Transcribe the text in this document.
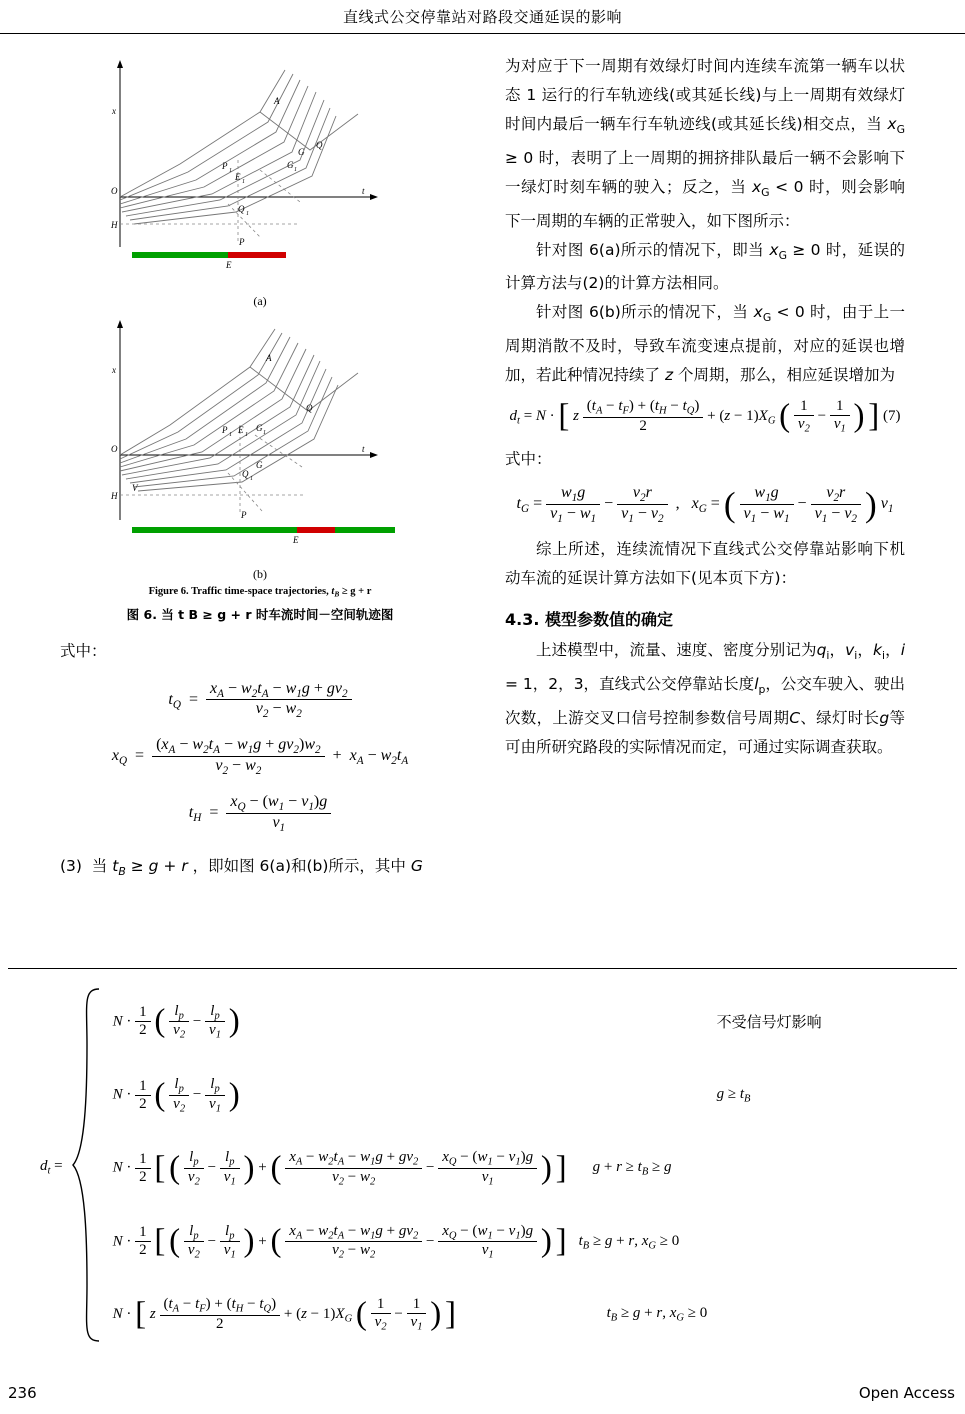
直线式公交停靠站对路段交通延误的影响
x
A
O
H
t
P 1
E 1
Q 1
P
G
Q
G 1
E
(a)
x
A
O
H
t
P 1 E 1
G 1
Q 1
P
G
Q
V
E
(b)
Figure 6. Traffic time-space trajectories, $t_B \ge g + r$
图 6. 当 t B ≥ g + r 时车流时间－空间轨迹图
式中：
$t_Q = \frac{x_A - w_2t_A - w_1g + gv_2}{v_2 - w_2}$
$x_Q = \frac{(x_A - w_2t_A - w_1g + gv_2)w_2}{v_2 - w_2} + x_A - w_2t_A$
$t_H = \frac{x_Q - (w_1 - v_1)g}{v_1}$
(3)  当 $t_B \ge g + r$ ，即如图 6(a)和(b)所示，其中 G
为对应于下一周期有效绿灯时间内连续车流第一辆车以状态 1 运行的行车轨迹线(或其延长线)与上一周期有效绿灯时间内最后一辆车行车轨迹线(或其延长线)相交点，当 $x_G \ge 0$ 时，表明了上一周期的拥挤排队最后一辆不会影响下一绿灯时刻车辆的驶入；反之，当 $x_G < 0$ 时，则会影响下一周期的车辆的正常驶入，如下图所示：
针对图 6(a)所示的情况下，即当 $x_G \ge 0$ 时，延误的计算方法与(2)的计算方法相同。
针对图 6(b)所示的情况下，当 $x_G < 0$ 时，由于上一周期消散不及时，导致车流变速点提前，对应的延误也增加，若此种情况持续了 z 个周期，那么，相应延误增加为
$d_t = N$ · [ z $\frac{(t_A - t_F) + (t_H - t_Q)}{2} + (z - 1)X_G$ ( $\frac{1}{v_2} - \frac{1}{v_1}$ ) ] (7)
式中：
$t_G = \frac{w_1g}{v_1 - w_1} - \frac{v_2r}{v_1 - v_2}$ ,   $x_G$ = ( $\frac{w_1g}{v_1 - w_1} - \frac{v_2r}{v_1 - v_2}$ ) $v_1$
综上所述，连续流情况下直线式公交停靠站影响下机动车流的延误计算方法如下(见本页下方)：
4.3. 模型参数值的确定
上述模型中，流量、速度、密度分别记为$q_i$，$v_i$，$k_i$，i = 1，2，3，直线式公交停靠站长度$l_p$，公交车驶入、驶出次数，上游交叉口信号控制参数信号周期C、绿灯时长g等可由所研究路段的实际情况而定，可通过实际调查获取。
$d_t$ =		$N \cdot \frac{1}{2}$ ( $\frac{l_p}{v_2} - \frac{l_p}{v_1}$ )	不受信号灯影响
$N \cdot \frac{1}{2}$ ( $\frac{l_p}{v_2} - \frac{l_p}{v_1}$ )	$g \ge t_B$
$N \cdot \frac{1}{2}$ [ ( $\frac{l_p}{v_2} - \frac{l_p}{v_1}$ ) + ( $\frac{x_A - w_2t_A - w_1g + gv_2}{v_2 - w_2} - \frac{x_Q - (w_1 - v_1)g}{v_1}$ ) ]	$g + r \ge t_B \ge g$
$N \cdot \frac{1}{2}$ [ ( $\frac{l_p}{v_2} - \frac{l_p}{v_1}$ ) + ( $\frac{x_A - w_2t_A - w_1g + gv_2}{v_2 - w_2} - \frac{x_Q - (w_1 - v_1)g}{v_1}$ ) ]	$t_B \ge g + r$, $x_G \ge 0$
N · [ z $\frac{(t_A - t_F) + (t_H - t_Q)}{2} + (z - 1)X_G$ ( $\frac{1}{v_2} - \frac{1}{v_1}$ ) ]	$t_B \ge g + r$, $x_G \ge 0$
236	Open Access
